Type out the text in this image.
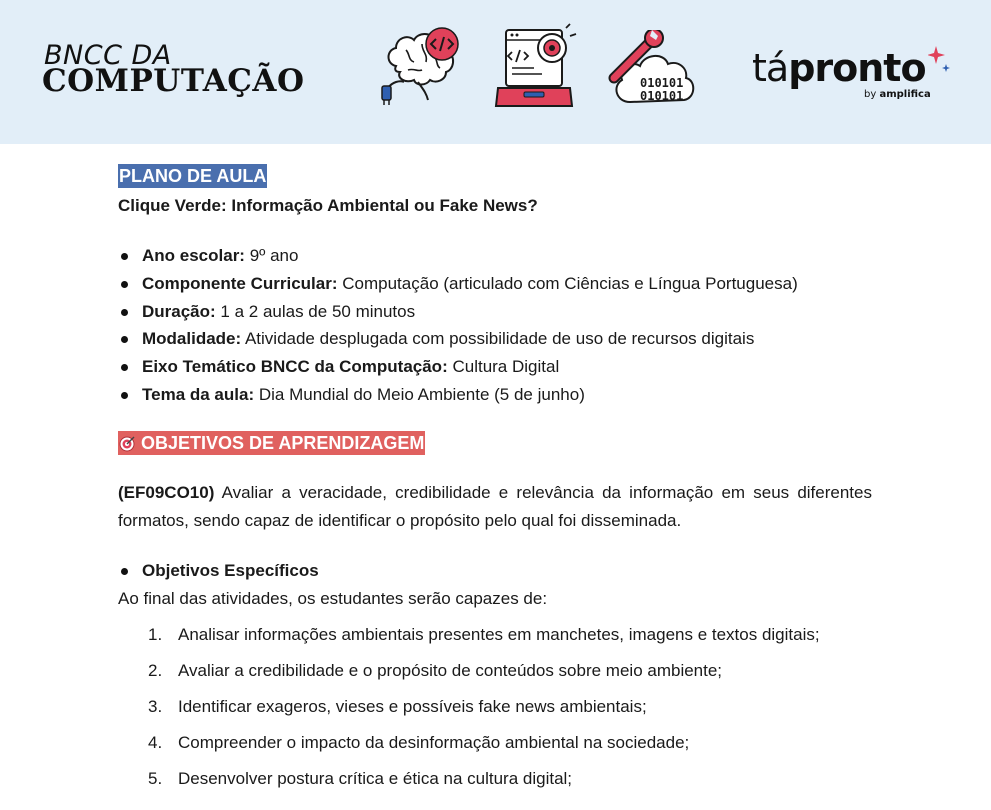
BNCC DA
COMPUTAÇÃO	010101
010101
tápronto
by amplifica
PLANO DE AULA
Clique Verde: Informação Ambiental ou Fake News?
Ano escolar: 9º ano
Componente Curricular: Computação (articulado com Ciências e Língua Portuguesa)
Duração: 1 a 2 aulas de 50 minutos
Modalidade: Atividade desplugada com possibilidade de uso de recursos digitais
Eixo Temático BNCC da Computação: Cultura Digital
Tema da aula: Dia Mundial do Meio Ambiente (5 de junho)
OBJETIVOS DE APRENDIZAGEM
(EF09CO10) Avaliar a veracidade, credibilidade e relevância da informação em seus diferentes formatos, sendo capaz de identificar o propósito pelo qual foi disseminada.
Objetivos Específicos
Ao final das atividades, os estudantes serão capazes de:
1. Analisar informações ambientais presentes em manchetes, imagens e textos digitais;
2. Avaliar a credibilidade e o propósito de conteúdos sobre meio ambiente;
3. Identificar exageros, vieses e possíveis fake news ambientais;
4. Compreender o impacto da desinformação ambiental na sociedade;
5. Desenvolver postura crítica e ética na cultura digital;
